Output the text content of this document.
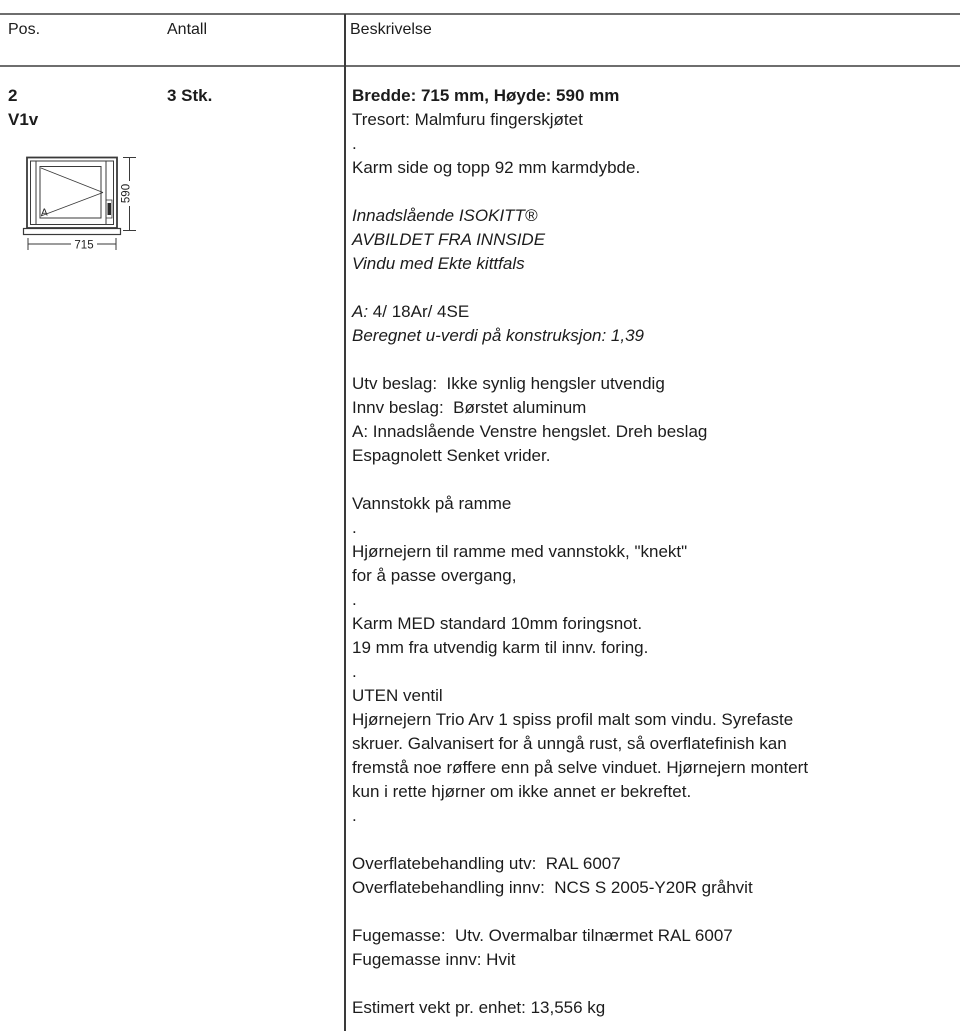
Pos.	Antall	Beskrivelse
2
V1v
3 Stk.
A
715
590
Bredde: 715 mm, Høyde: 590 mm
Tresort: Malmfuru fingerskjøtet
.
Karm side og topp 92 mm karmdybde.

Innadslående ISOKITT®
AVBILDET FRA INNSIDE
Vindu med Ekte kittfals

A: 4/ 18Ar/ 4SE
Beregnet u-verdi på konstruksjon: 1,39

Utv beslag:  Ikke synlig hengsler utvendig
Innv beslag:  Børstet aluminum
A: Innadslående Venstre hengslet. Dreh beslag
Espagnolett Senket vrider.

Vannstokk på ramme
.
Hjørnejern til ramme med vannstokk, "knekt"
for å passe overgang,
.
Karm MED standard 10mm foringsnot.
19 mm fra utvendig karm til innv. foring.
.
UTEN ventil
Hjørnejern Trio Arv 1 spiss profil malt som vindu. Syrefaste
skruer. Galvanisert for å unngå rust, så overflatefinish kan
fremstå noe røffere enn på selve vinduet. Hjørnejern montert
kun i rette hjørner om ikke annet er bekreftet.
.

Overflatebehandling utv:  RAL 6007
Overflatebehandling innv:  NCS S 2005-Y20R gråhvit

Fugemasse:  Utv. Overmalbar tilnærmet RAL 6007
Fugemasse innv: Hvit

Estimert vekt pr. enhet: 13,556 kg
